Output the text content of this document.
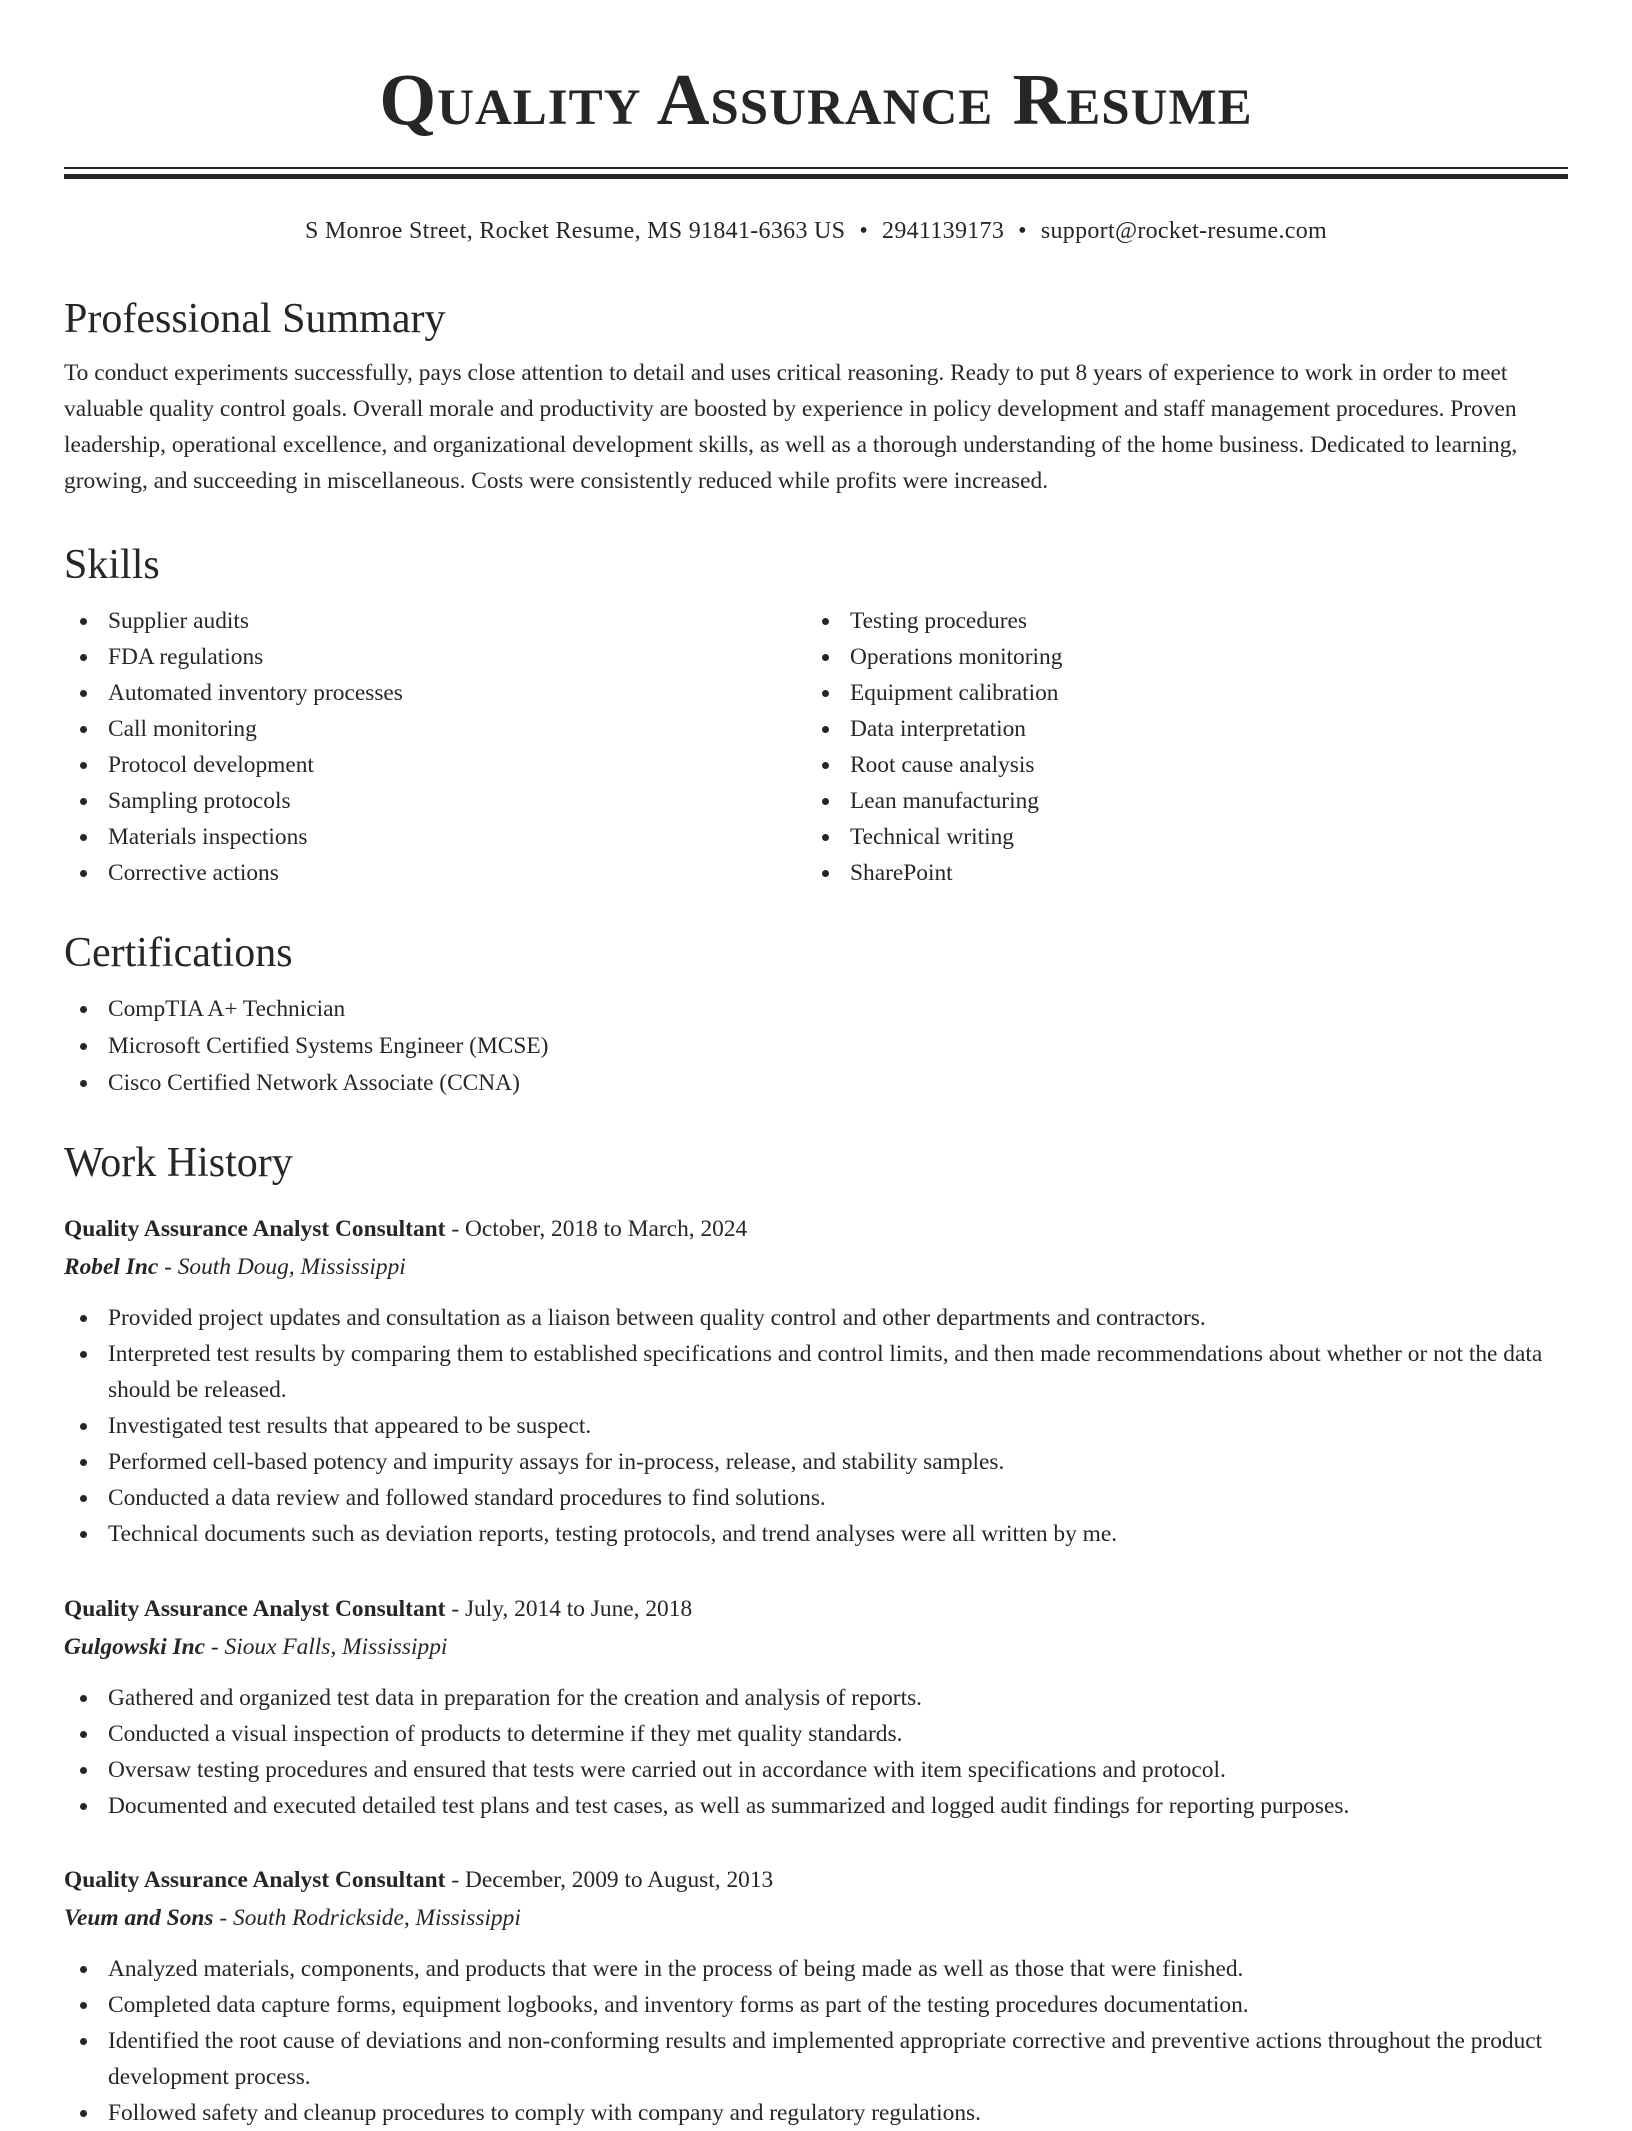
Quality Assurance Resume
S Monroe Street, Rocket Resume, MS 91841-6363 US • 2941139173 • support@rocket-resume.com
Professional Summary

To conduct experiments successfully, pays close attention to detail and uses critical reasoning. Ready to put 8 years of experience to work in order to meet valuable quality control goals. Overall morale and productivity are boosted by experience in policy development and staff management procedures. Proven leadership, operational excellence, and organizational development skills, as well as a thorough understanding of the home business. Dedicated to learning, growing, and succeeding in miscellaneous. Costs were consistently reduced while profits were increased.

Skills
Supplier audits
FDA regulations
Automated inventory processes
Call monitoring
Protocol development
Sampling protocols
Materials inspections
Corrective actions
Testing procedures
Operations monitoring
Equipment calibration
Data interpretation
Root cause analysis
Lean manufacturing
Technical writing
SharePoint
Certifications
CompTIA A+ Technician
Microsoft Certified Systems Engineer (MCSE)
Cisco Certified Network Associate (CCNA)
Work History
Quality Assurance Analyst Consultant - October, 2018 to March, 2024
Robel Inc - South Doug, Mississippi
Provided project updates and consultation as a liaison between quality control and other departments and contractors.
Interpreted test results by comparing them to established specifications and control limits, and then made recommendations about whether or not the data should be released.
Investigated test results that appeared to be suspect.
Performed cell-based potency and impurity assays for in-process, release, and stability samples.
Conducted a data review and followed standard procedures to find solutions.
Technical documents such as deviation reports, testing protocols, and trend analyses were all written by me.
Quality Assurance Analyst Consultant - July, 2014 to June, 2018
Gulgowski Inc - Sioux Falls, Mississippi
Gathered and organized test data in preparation for the creation and analysis of reports.
Conducted a visual inspection of products to determine if they met quality standards.
Oversaw testing procedures and ensured that tests were carried out in accordance with item specifications and protocol.
Documented and executed detailed test plans and test cases, as well as summarized and logged audit findings for reporting purposes.
Quality Assurance Analyst Consultant - December, 2009 to August, 2013
Veum and Sons - South Rodrickside, Mississippi
Analyzed materials, components, and products that were in the process of being made as well as those that were finished.
Completed data capture forms, equipment logbooks, and inventory forms as part of the testing procedures documentation.
Identified the root cause of deviations and non-conforming results and implemented appropriate corrective and preventive actions throughout the product development process.
Followed safety and cleanup procedures to comply with company and regulatory regulations.
